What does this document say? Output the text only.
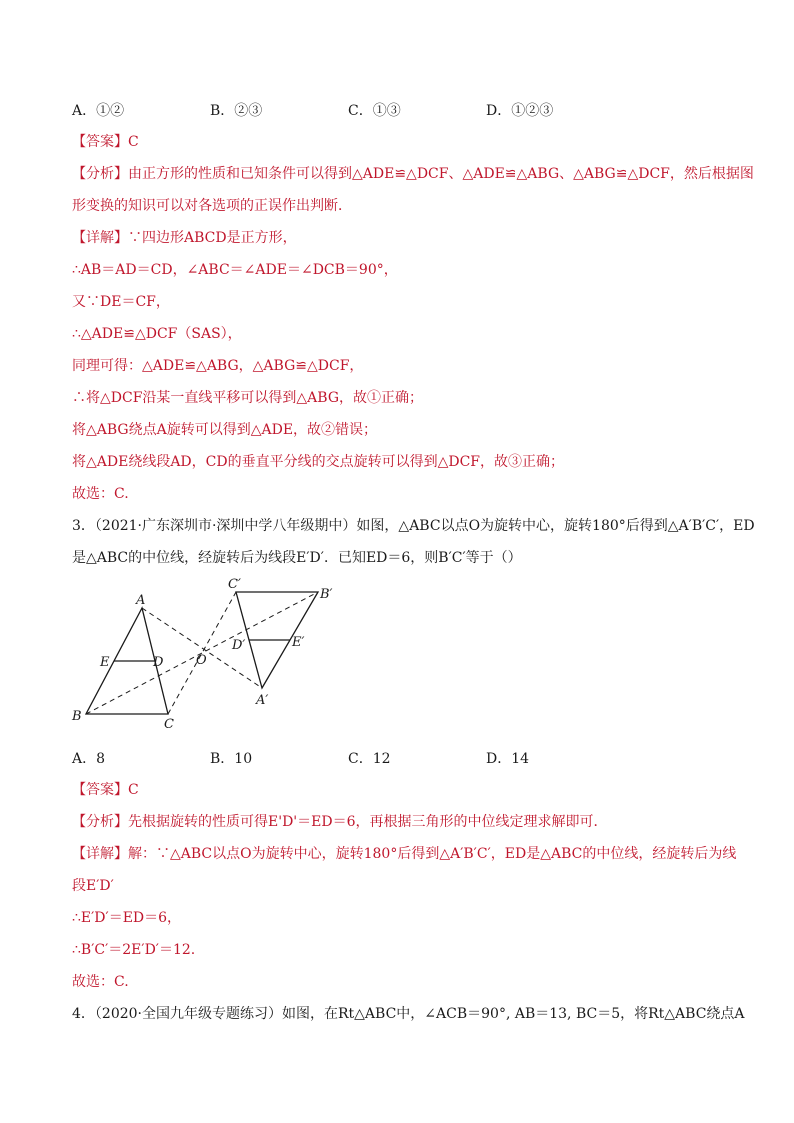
A．①②	B．②③	C．①③	D．①②③
【答案】C
【分析】由正方形的性质和已知条件可以得到△ADE≌△DCF、△ADE≌△ABG、△ABG≌△DCF，然后根据图
形变换的知识可以对各选项的正误作出判断．
【详解】∵四边形ABCD是正方形，
∴AB＝AD＝CD，∠ABC＝∠ADE＝∠DCB＝90°，
又∵DE＝CF，
∴△ADE≌△DCF（SAS），
同理可得：△ADE≌△ABG，△ABG≌△DCF，
∴将△DCF沿某一直线平移可以得到△ABG，故①正确；
将△ABG绕点A旋转可以得到△ADE，故②错误；
将△ADE绕线段AD，CD的垂直平分线的交点旋转可以得到△DCF，故③正确；
故选：C.
3．（2021·广东深圳市·深圳中学八年级期中）如图，△ABC以点O为旋转中心，旋转180°后得到△A′B′C′，ED
是△ABC的中位线，经旋转后为线段E′D′．已知ED＝6，则B′C′等于（）
A
B
C
E	D	O
A′
B′
C′
D′	E′
A．8	B．10	C．12	D．14
【答案】C
【分析】先根据旋转的性质可得E'D'＝ED＝6，再根据三角形的中位线定理求解即可．
【详解】解：∵△ABC以点O为旋转中心，旋转180°后得到△A′B′C′，ED是△ABC的中位线，经旋转后为线
段E′D′
∴E′D′＝ED＝6，
∴B′C′＝2E′D′＝12.
故选：C.
4．（2020·全国九年级专题练习）如图，在Rt△ABC中，∠ACB＝90°, AB＝13, BC＝5，将Rt△ABC绕点A
